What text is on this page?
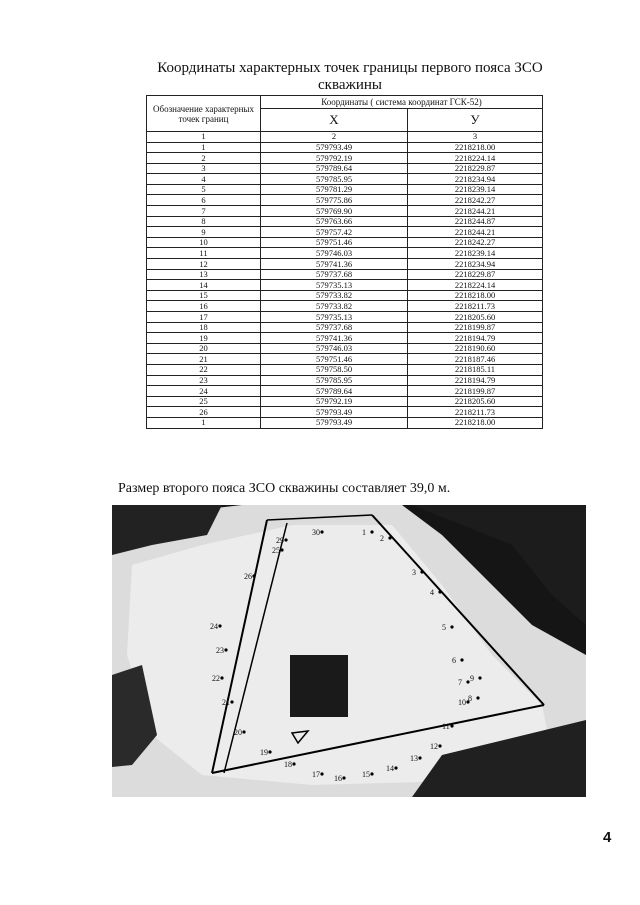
Координаты характерных точек границы первого пояса ЗСО
скважины
Обозначение характерных точек границ	Координаты ( система координат ГСК-52)	
	X	У
1	2	3
1	579793.49	2218218.00
2	579792.19	2218224.14
3	579789.64	2218229.87
4	579785.95	2218234.94
5	579781.29	2218239.14
6	579775.86	2218242.27
7	579769.90	2218244.21
8	579763.66	2218244.87
9	579757.42	2218244.21
10	579751.46	2218242.27
11	579746.03	2218239.14
12	579741.36	2218234.94
13	579737.68	2218229.87
14	579735.13	2218224.14
15	579733.82	2218218.00
16	579733.82	2218211.73
17	579735.13	2218205.60
18	579737.68	2218199.87
19	579741.36	2218194.79
20	579746.03	2218190.60
21	579751.46	2218187.46
22	579758.50	2218185.11
23	579785.95	2218194.79
24	579789.64	2218199.87
25	579792.19	2218205.60
26	579793.49	2218211.73
1	579793.49	2218218.00
Размер второго пояса ЗСО скважины составляет 39,0 м.
1
2
3
4
5
6
7
8
9
10
11
12
13
14
15
16
17
18
19
20
21
22
23
24
25
26
29
30
4
